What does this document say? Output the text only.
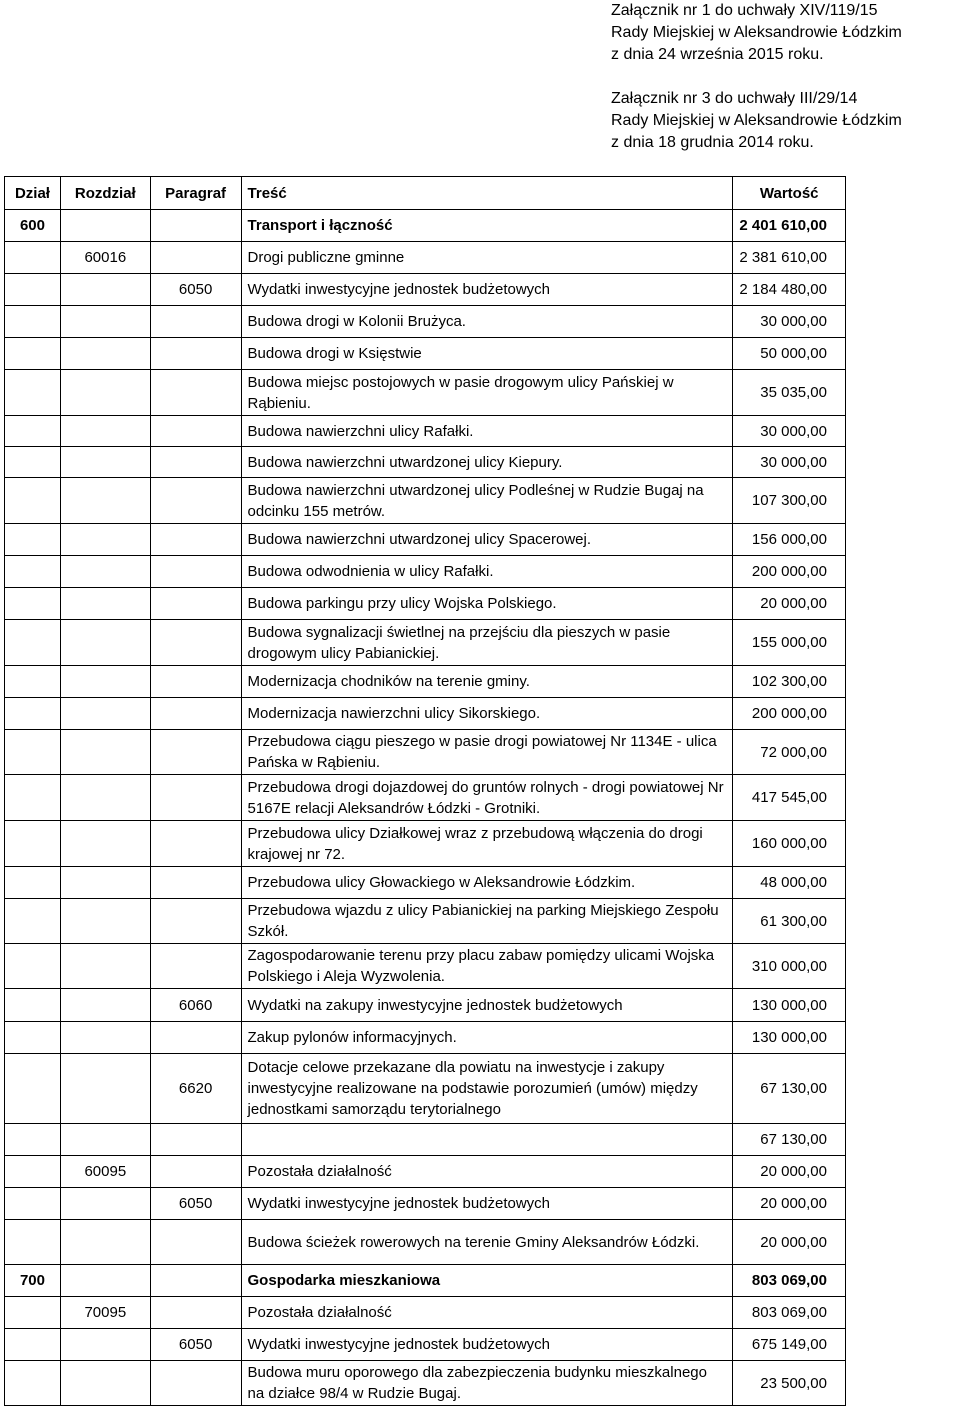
Załącznik nr 1 do uchwały XIV/119/15
Rady Miejskiej w Aleksandrowie Łódzkim
z dnia 24 września 2015 roku.
Załącznik nr 3 do uchwały III/29/14
Rady Miejskiej w Aleksandrowie Łódzkim
z dnia 18 grudnia 2014 roku.
Dział	Rozdział	Paragraf	Treść	Wartość
600			Transport i łączność	2 401 610,00
	60016		Drogi publiczne gminne	2 381 610,00
		6050	Wydatki inwestycyjne jednostek budżetowych	2 184 480,00
			Budowa drogi w Kolonii Brużyca.	30 000,00
			Budowa drogi w Księstwie	50 000,00
			Budowa miejsc postojowych w pasie drogowym ulicy Pańskiej w Rąbieniu.	35 035,00
			Budowa nawierzchni ulicy Rafałki.	30 000,00
			Budowa nawierzchni utwardzonej ulicy Kiepury.	30 000,00
			Budowa nawierzchni utwardzonej ulicy Podleśnej w Rudzie Bugaj na odcinku 155 metrów.	107 300,00
			Budowa nawierzchni utwardzonej ulicy Spacerowej.	156 000,00
			Budowa odwodnienia w ulicy Rafałki.	200 000,00
			Budowa parkingu przy ulicy Wojska Polskiego.	20 000,00
			Budowa sygnalizacji świetlnej na przejściu dla pieszych w pasie drogowym ulicy Pabianickiej.	155 000,00
			Modernizacja chodników na terenie gminy.	102 300,00
			Modernizacja nawierzchni ulicy Sikorskiego.	200 000,00
			Przebudowa ciągu pieszego w pasie drogi powiatowej Nr 1134E - ulica Pańska w Rąbieniu.	72 000,00
			Przebudowa drogi dojazdowej do gruntów rolnych - drogi powiatowej Nr 5167E relacji Aleksandrów Łódzki - Grotniki.	417 545,00
			Przebudowa ulicy Działkowej wraz z przebudową włączenia do drogi krajowej nr 72.	160 000,00
			Przebudowa ulicy Głowackiego w Aleksandrowie Łódzkim.	48 000,00
			Przebudowa wjazdu z ulicy Pabianickiej na parking Miejskiego Zespołu Szkół.	61 300,00
			Zagospodarowanie terenu przy placu zabaw pomiędzy ulicami Wojska Polskiego i Aleja Wyzwolenia.	310 000,00
		6060	Wydatki na zakupy inwestycyjne jednostek budżetowych	130 000,00
			Zakup pylonów informacyjnych.	130 000,00
		6620	Dotacje celowe przekazane dla powiatu na inwestycje i zakupy inwestycyjne realizowane na podstawie porozumień (umów) między jednostkami samorządu terytorialnego	67 130,00
				67 130,00
	60095		Pozostała działalność	20 000,00
		6050	Wydatki inwestycyjne jednostek budżetowych	20 000,00
			Budowa ścieżek rowerowych na terenie Gminy Aleksandrów Łódzki.	20 000,00
700			Gospodarka mieszkaniowa	803 069,00
	70095		Pozostała działalność	803 069,00
		6050	Wydatki inwestycyjne jednostek budżetowych	675 149,00
			Budowa muru oporowego dla zabezpieczenia budynku mieszkalnego na działce 98/4 w Rudzie Bugaj.	23 500,00
